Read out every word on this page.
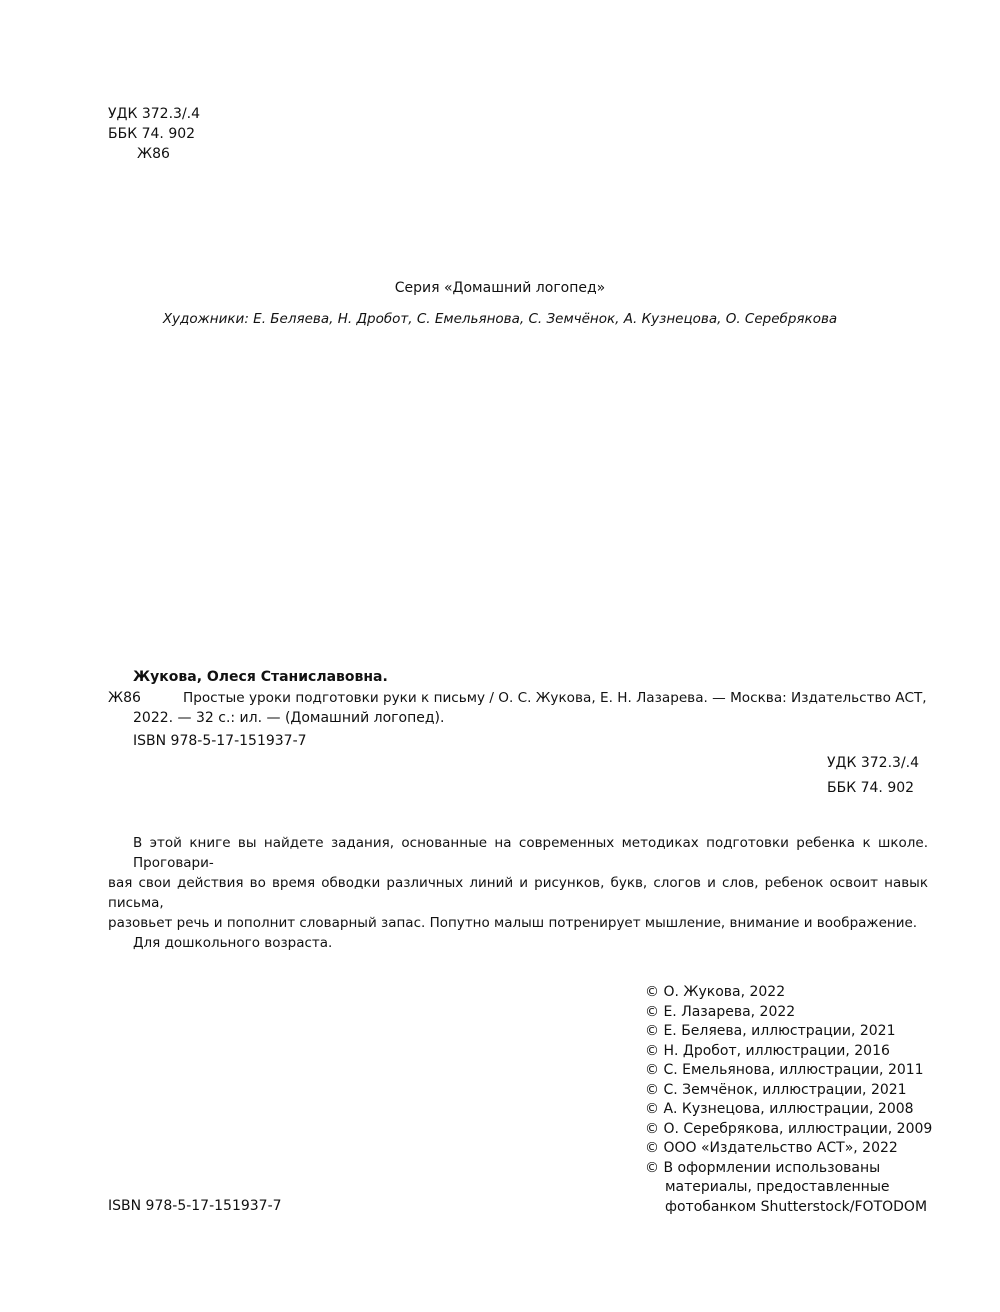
УДК 372.3/.4
ББК 74. 902
Ж86
Серия «Домашний логопед»
Художники: Е. Беляева, Н. Дробот, С. Емельянова, С. Земчёнок, А. Кузнецова, О. Серебрякова
Жукова, Олеся Станиславовна.
Ж86	Простые уроки подготовки руки к письму / О. С. Жукова, Е. Н. Лазарева. — Москва: Издательство АСТ,
2022. — 32 с.: ил. — (Домашний логопед).
ISBN 978-5-17-151937-7
УДК 372.3/.4
ББК 74. 902

В этой книге вы найдете задания, основанные на современных методиках подготовки ребенка к школе. Проговари-

вая свои действия во время обводки различных линий и рисунков, букв, слогов и слов, ребенок освоит навык письма,

разовьет речь и пополнит словарный запас. Попутно малыш потренирует мышление, внимание и воображение.

Для дошкольного возраста.

© О. Жукова, 2022
© Е. Лазарева, 2022
© Е. Беляева, иллюстрации, 2021
© Н. Дробот, иллюстрации, 2016
© С. Емельянова, иллюстрации, 2011
© С. Земчёнок, иллюстрации, 2021
© А. Кузнецова, иллюстрации, 2008
© О. Серебрякова, иллюстрации, 2009
© ООО «Издательство АСТ», 2022
© В оформлении использованы
материалы, предоставленные
фотобанком Shutterstock/FOTODOM
ISBN 978-5-17-151937-7
